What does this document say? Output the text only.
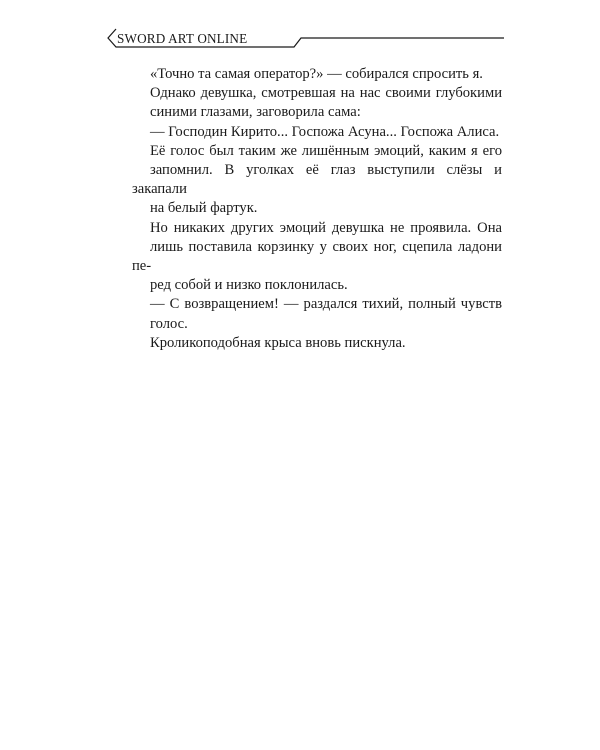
SWORD ART ONLINE

«Точно та самая оператор?» — собирался спросить я.

Однако девушка, смотревшая на нас своими глубокими
синими глазами, заговорила сама:

— Господин Кирито... Госпожа Асуна... Госпожа Алиса.

Её голос был таким же лишённым эмоций, каким я его
запомнил. В уголках её глаз выступили слёзы и закапали
на белый фартук.

Но никаких других эмоций девушка не проявила. Она
лишь поставила корзинку у своих ног, сцепила ладони пе-
ред собой и низко поклонилась.

— С возвращением! — раздался тихий, полный чувств
голос.

Кроликоподобная крыса вновь пискнула.
